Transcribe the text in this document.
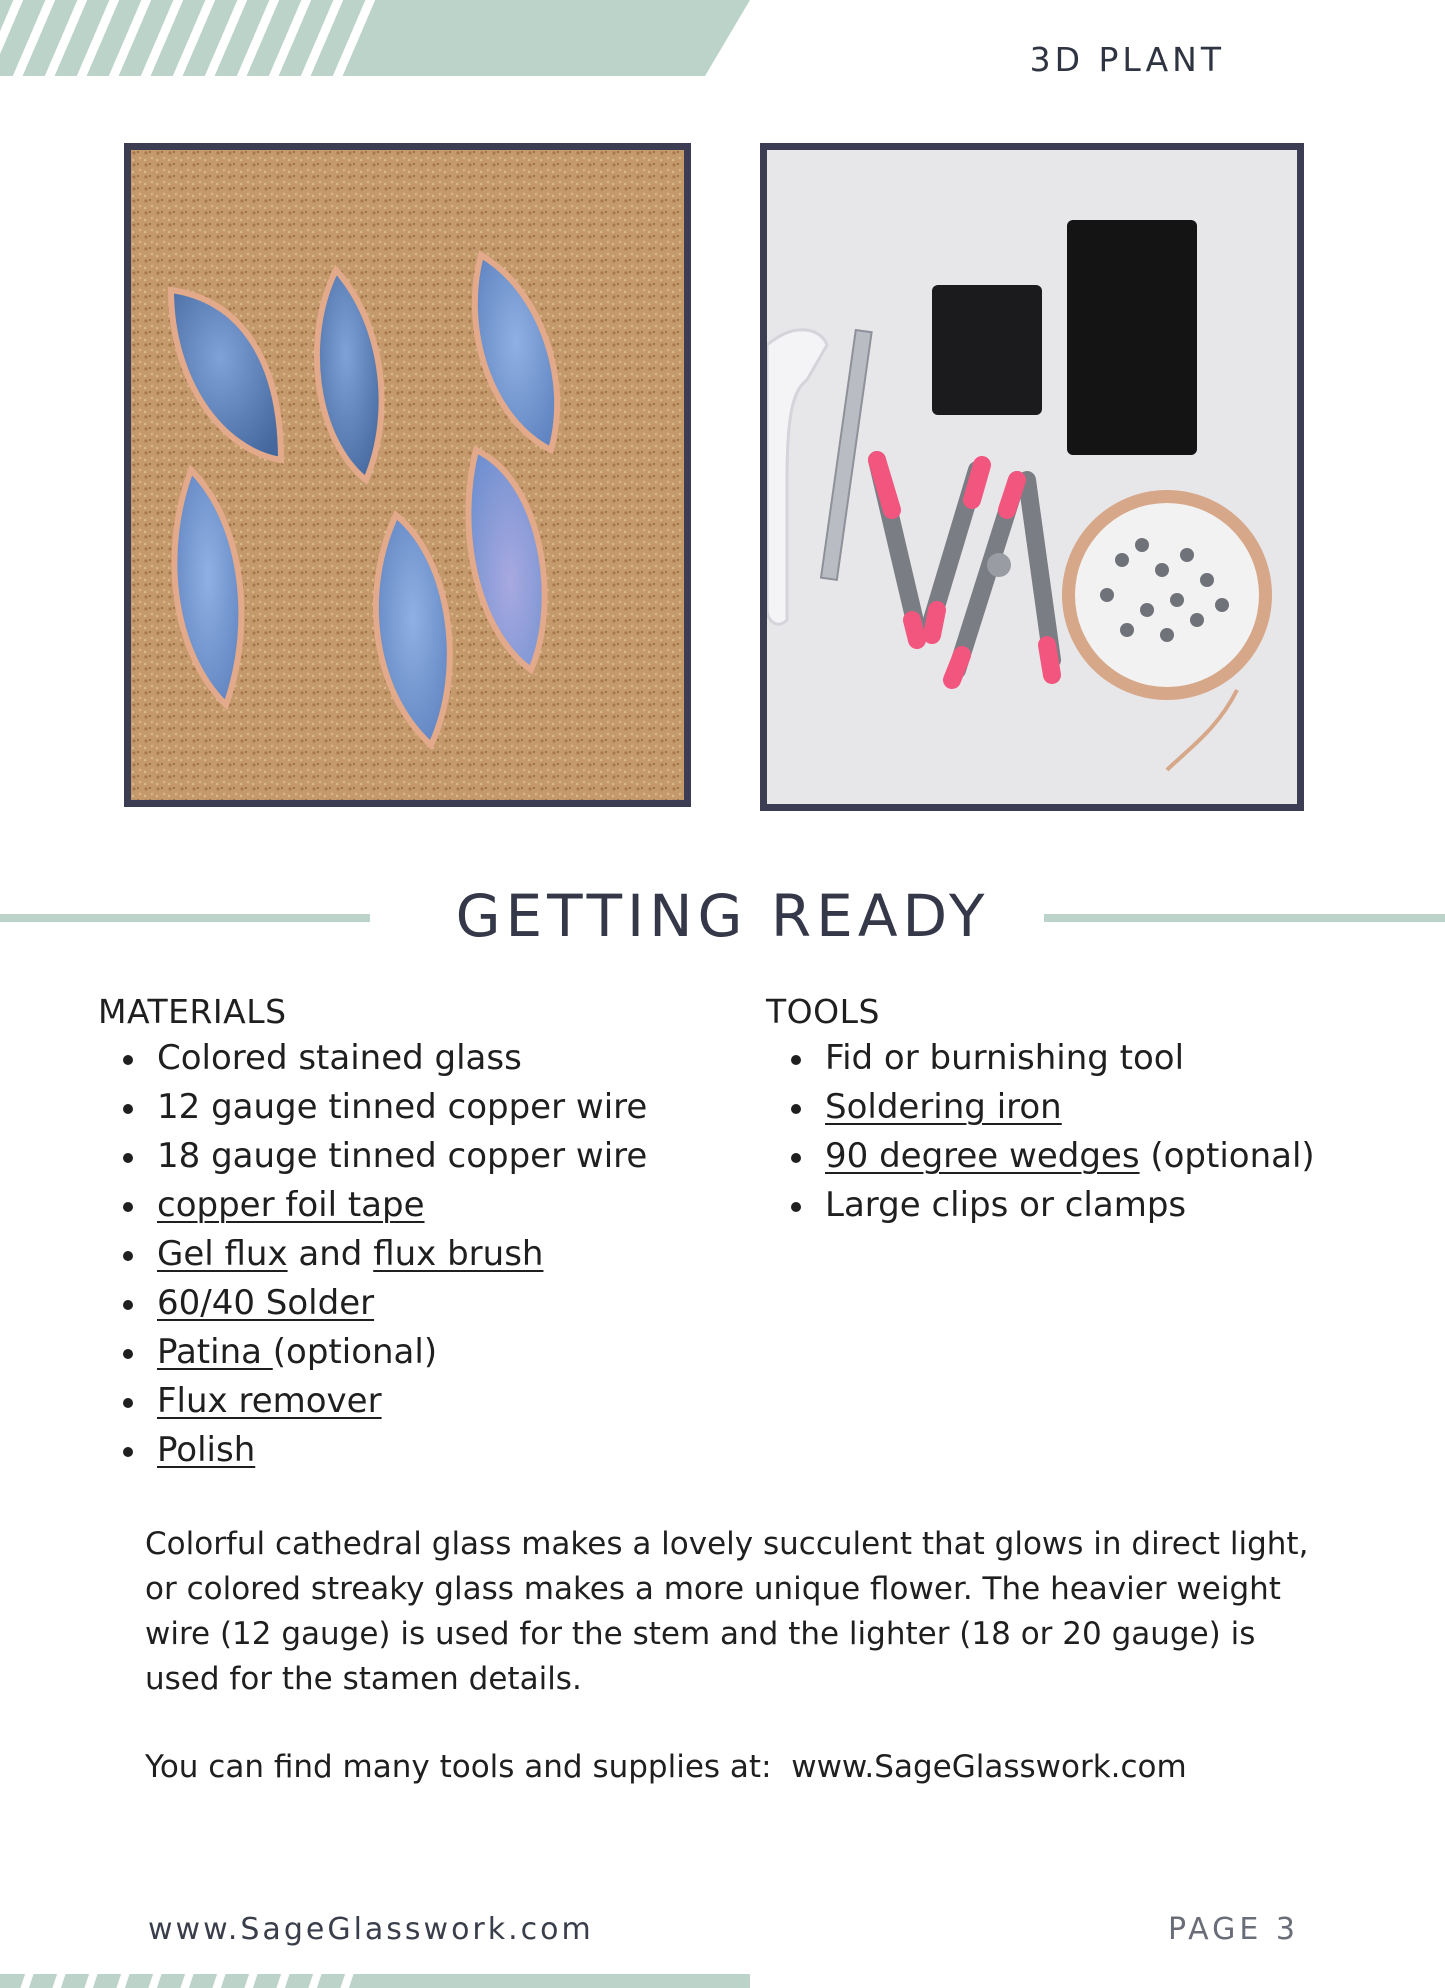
3D PLANT
GETTING READY
MATERIALS
Colored stained glass
12 gauge tinned copper wire
18 gauge tinned copper wire
copper foil tape
Gel flux and flux brush
60/40 Solder
Patina (optional)
Flux remover
Polish
TOOLS
Fid or burnishing tool
Soldering iron
90 degree wedges (optional)
Large clips or clamps

Colorful cathedral glass makes a lovely succulent that glows in direct light, or colored streaky glass makes a more unique flower. The heavier weight wire (12 gauge) is used for the stem and the lighter (18 or 20 gauge) is used for the stamen details.

You can find many tools and supplies at:  www.SageGlasswork.com

www.SageGlasswork.com	PAGE 3
